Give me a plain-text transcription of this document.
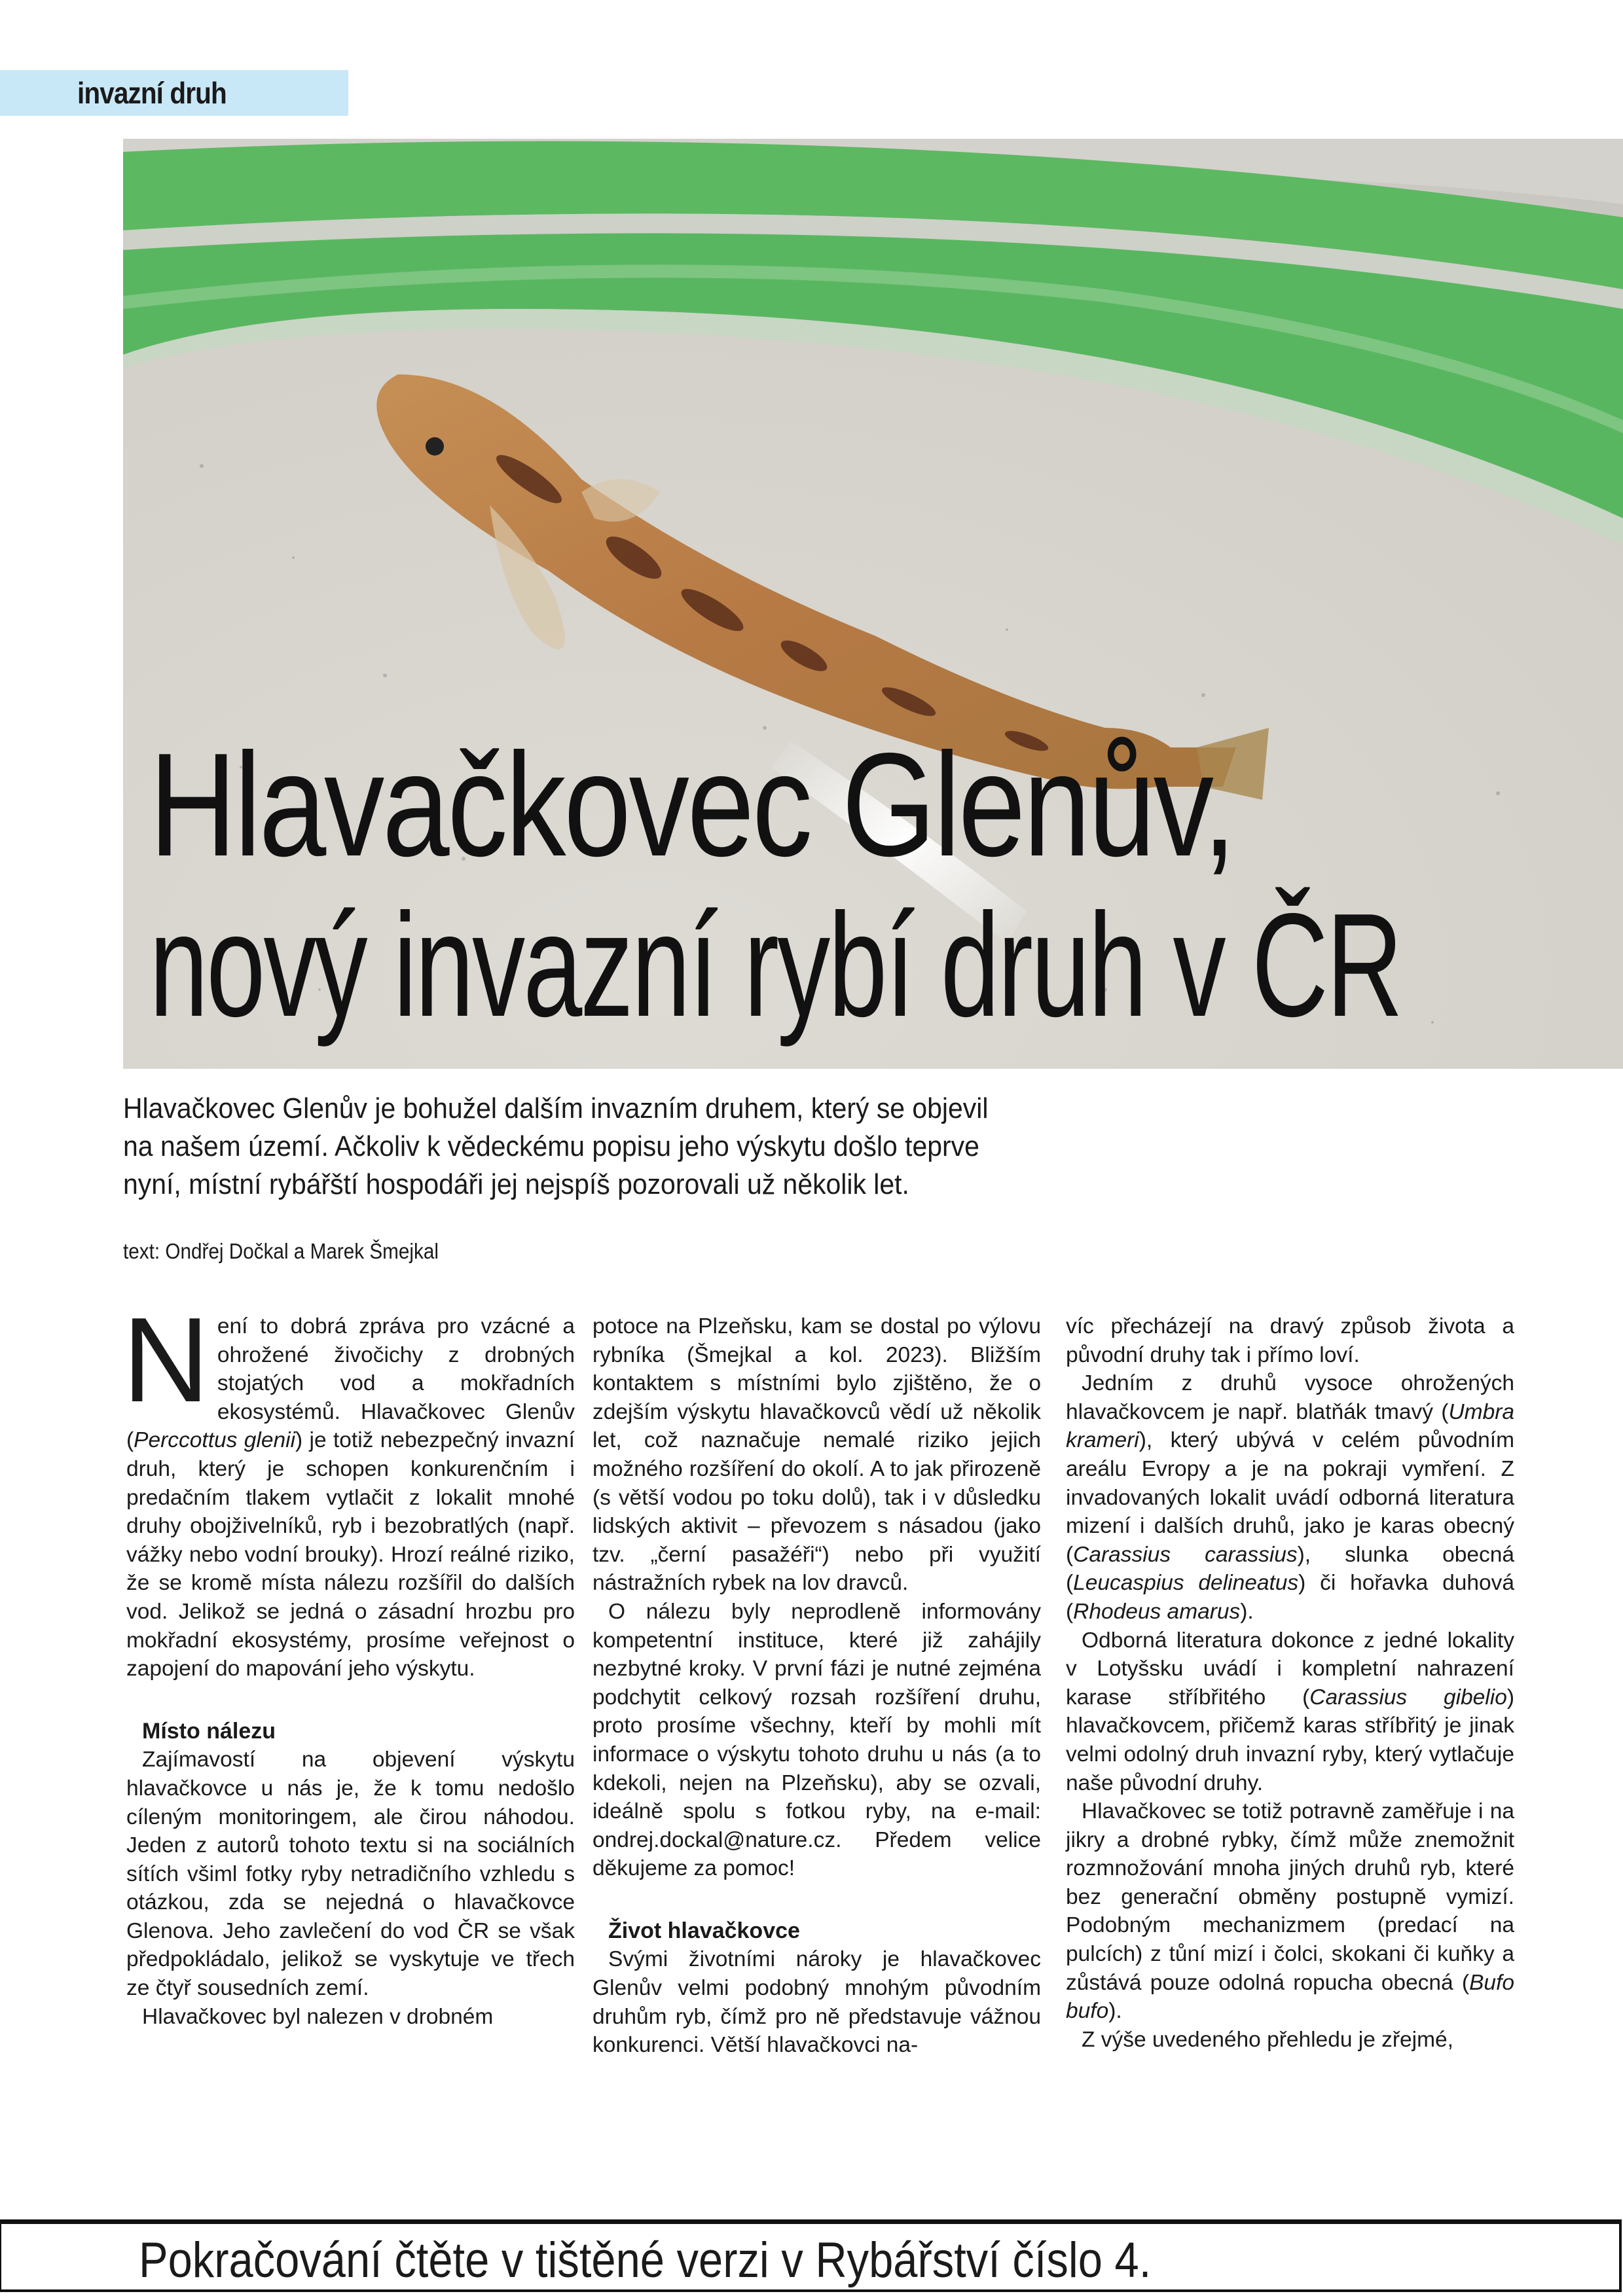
invazní druh
Hlavačkovec Glenův,
nový invazní rybí druh v ČR

Hlavačkovec Glenův je bohužel dalším invazním druhem, který se objevil

na našem území. Ačkoliv k vědeckému popisu jeho výskytu došlo teprve

nyní, místní rybářští hospodáři jej nejspíš pozorovali už několik let.

text: Ondřej Dočkal a Marek Šmejkal

Není to dobrá zpráva pro vzácné a ohrožené živočichy z drobných stojatých vod a mokřadních ekosystémů. Hlavačkovec Glenův (Perccottus glenii) je totiž nebezpečný invazní druh, který je schopen konkurenčním i predačním tlakem vytlačit z lokalit mnohé druhy obojživelníků, ryb i bezobratlých (např. vážky nebo vodní brouky). Hrozí reálné riziko, že se kromě místa nálezu rozšířil do dalších vod. Jelikož se jedná o zásadní hrozbu pro mokřadní ekosystémy, prosíme veřejnost o zapojení do mapování jeho výskytu.

Místo nálezu

Zajímavostí na objevení výskytu hlavačkovce u nás je, že k tomu nedošlo cíleným monitoringem, ale čirou náhodou. Jeden z autorů tohoto textu si na sociálních sítích všiml fotky ryby netradičního vzhledu s otázkou, zda se nejedná o hlavačkovce Glenova. Jeho zavlečení do vod ČR se však předpokládalo, jelikož se vyskytuje ve třech ze čtyř sousedních zemí.

Hlavačkovec byl nalezen v drobném

potoce na Plzeňsku, kam se dostal po výlovu rybníka (Šmejkal a kol. 2023). Bližším kontaktem s místními bylo zjištěno, že o zdejším výskytu hlavačkovců vědí už několik let, což naznačuje nemalé riziko jejich možného rozšíření do okolí. A to jak přirozeně (s větší vodou po toku dolů), tak i v důsledku lidských aktivit – převozem s násadou (jako tzv. „černí pasažéři“) nebo při využití nástražních rybek na lov dravců.

O nálezu byly neprodleně informovány kompetentní instituce, které již zahájily nezbytné kroky. V první fázi je nutné zejména podchytit celkový rozsah rozšíření druhu, proto prosíme všechny, kteří by mohli mít informace o výskytu tohoto druhu u nás (a to kdekoli, nejen na Plzeňsku), aby se ozvali, ideálně spolu s fotkou ryby, na e-mail: ondrej.dockal@nature.cz. Předem velice děkujeme za pomoc!

Život hlavačkovce

Svými životními nároky je hlavačkovec Glenův velmi podobný mnohým původním druhům ryb, čímž pro ně představuje vážnou konkurenci. Větší hlavačkovci na-

víc přecházejí na dravý způsob života a původní druhy tak i přímo loví.

Jedním z druhů vysoce ohrožených hlavačkovcem je např. blatňák tmavý (Umbra krameri), který ubývá v celém původním areálu Evropy a je na pokraji vymření. Z invadovaných lokalit uvádí odborná literatura mizení i dalších druhů, jako je karas obecný (Carassius carassius), slunka obecná (Leucaspius delineatus) či hořavka duhová (Rhodeus amarus).

Odborná literatura dokonce z jedné lokality v Lotyšsku uvádí i kompletní nahrazení karase stříbřitého (Carassius gibelio) hlavačkovcem, přičemž karas stříbřitý je jinak velmi odolný druh invazní ryby, který vytlačuje naše původní druhy.

Hlavačkovec se totiž potravně zaměřuje i na jikry a drobné rybky, čímž může znemožnit rozmnožování mnoha jiných druhů ryb, které bez generační obměny postupně vymizí. Podobným mechanizmem (predací na pulcích) z tůní mizí i čolci, skokani či kuňky a zůstává pouze odolná ropucha obecná (Bufo bufo).

Z výše uvedeného přehledu je zřejmé,

Pokračování čtěte v tištěné verzi v Rybářství číslo 4.
